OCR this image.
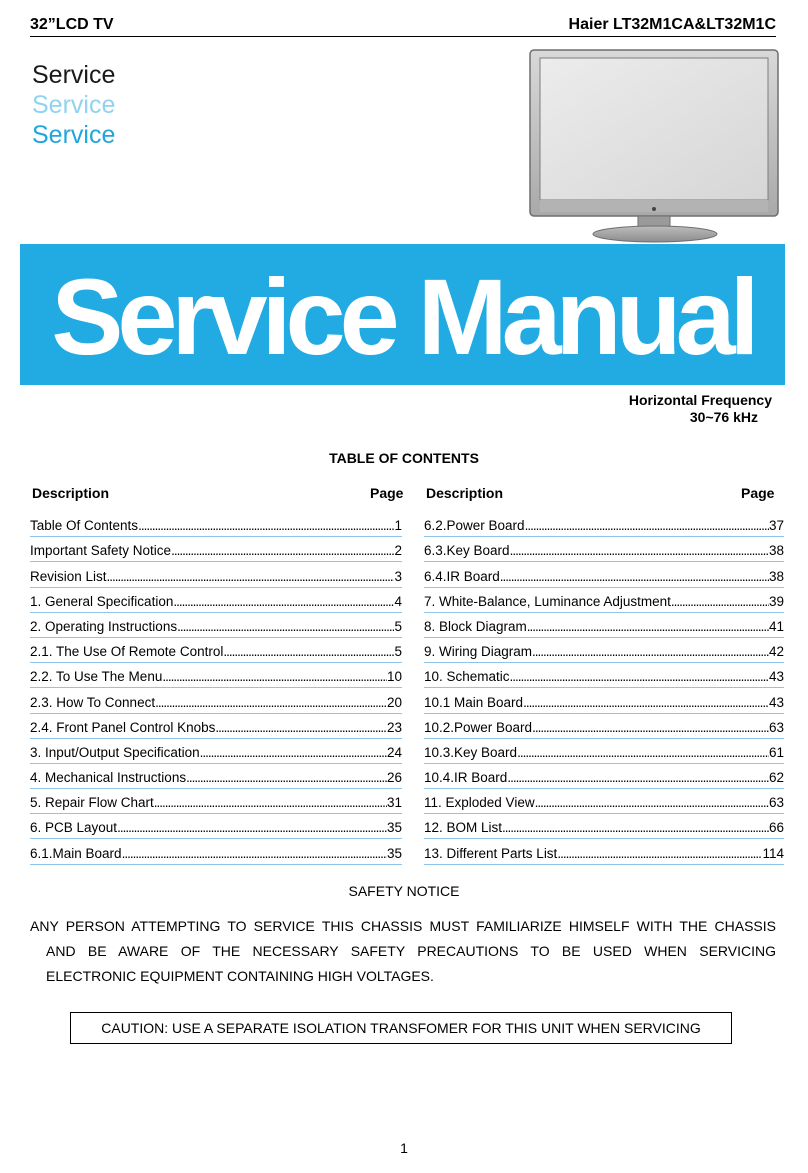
32”LCD TV	Haier LT32M1CA&LT32M1C
Service
Service
Service
Service Manual
Horizontal Frequency
30~76 kHz
TABLE OF CONTENTS
Description	Page Description	Page
Table Of Contents .....	1
Important Safety Notice .....	2
Revision List .....	3
1. General Specification .....	4
2. Operating Instructions .....	5
2.1. The Use Of Remote Control .....	5
2.2. To Use The Menu .....	10
2.3. How To Connect .....	20
2.4. Front Panel Control Knobs .....	23
3. Input/Output Specification .....	24
4. Mechanical Instructions .....	26
5. Repair Flow Chart .....	31
6. PCB Layout .....	35
6.1.Main Board .....	35
6.2.Power Board .....	37
6.3.Key Board .....	38
6.4.IR Board .....	38
7. White-Balance, Luminance Adjustment .....	39
8. Block Diagram .....	41
9. Wiring Diagram .....	42
10. Schematic .....	43
10.1 Main Board .....	43
10.2.Power Board .....	63
10.3.Key Board .....	61
10.4.IR Board .....	62
11. Exploded View .....	63
12. BOM List .....	66
13. Different Parts List .....	114
SAFETY NOTICE
ANY PERSON ATTEMPTING TO SERVICE THIS CHASSIS MUST FAMILIARIZE HIMSELF WITH THE CHASSIS
AND BE AWARE OF THE NECESSARY SAFETY PRECAUTIONS TO BE USED WHEN SERVICING
ELECTRONIC EQUIPMENT CONTAINING HIGH VOLTAGES.
CAUTION: USE A SEPARATE ISOLATION TRANSFOMER FOR THIS UNIT WHEN SERVICING
1
